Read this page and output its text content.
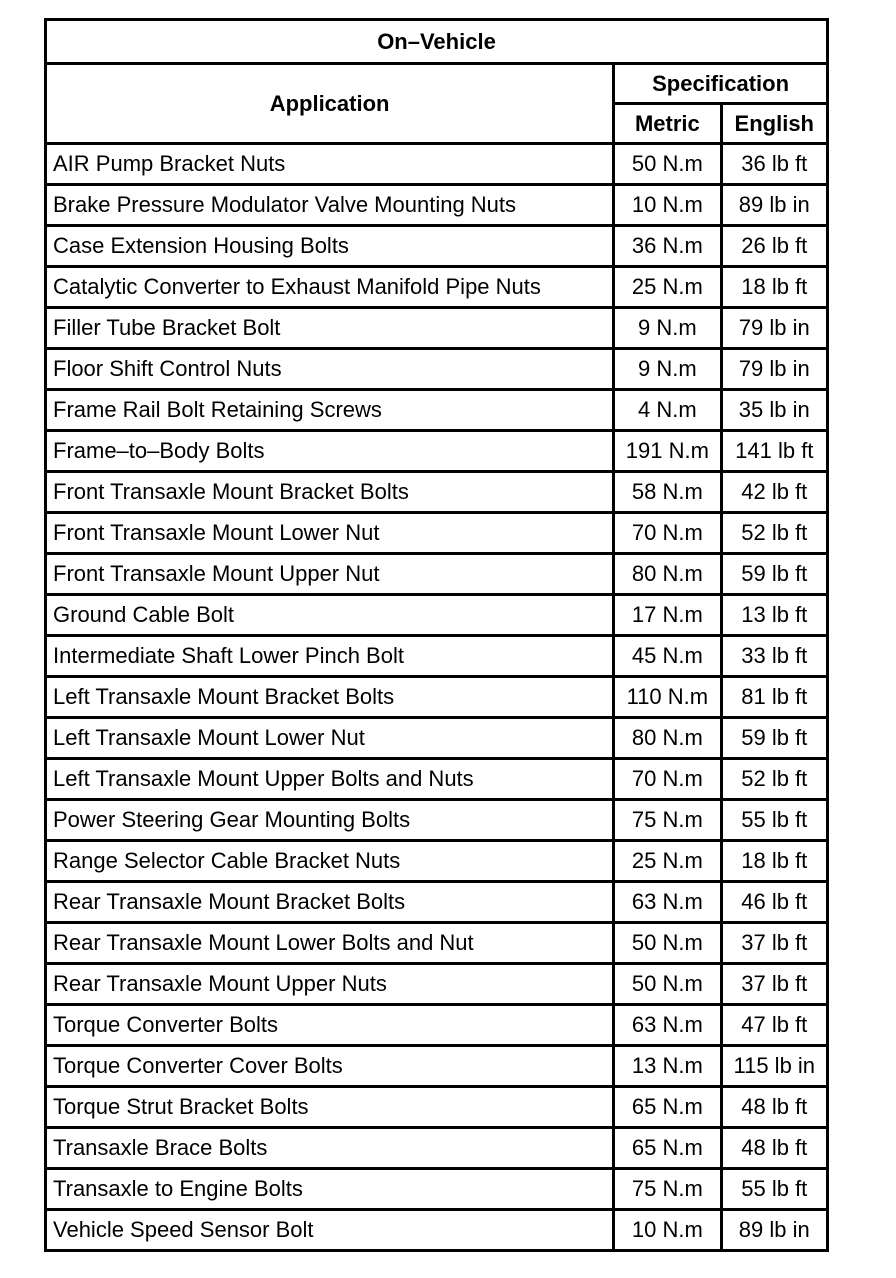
On–Vehicle		
Application	Specification	
	Metric	English
AIR Pump Bracket Nuts	50 N.m	36 lb ft
Brake Pressure Modulator Valve Mounting Nuts	10 N.m	89 lb in
Case Extension Housing Bolts	36 N.m	26 lb ft
Catalytic Converter to Exhaust Manifold Pipe Nuts	25 N.m	18 lb ft
Filler Tube Bracket Bolt	9 N.m	79 lb in
Floor Shift Control Nuts	9 N.m	79 lb in
Frame Rail Bolt Retaining Screws	4 N.m	35 lb in
Frame–to–Body Bolts	191 N.m	141 lb ft
Front Transaxle Mount Bracket Bolts	58 N.m	42 lb ft
Front Transaxle Mount Lower Nut	70 N.m	52 lb ft
Front Transaxle Mount Upper Nut	80 N.m	59 lb ft
Ground Cable Bolt	17 N.m	13 lb ft
Intermediate Shaft Lower Pinch Bolt	45 N.m	33 lb ft
Left Transaxle Mount Bracket Bolts	110 N.m	81 lb ft
Left Transaxle Mount Lower Nut	80 N.m	59 lb ft
Left Transaxle Mount Upper Bolts and Nuts	70 N.m	52 lb ft
Power Steering Gear Mounting Bolts	75 N.m	55 lb ft
Range Selector Cable Bracket Nuts	25 N.m	18 lb ft
Rear Transaxle Mount Bracket Bolts	63 N.m	46 lb ft
Rear Transaxle Mount Lower Bolts and Nut	50 N.m	37 lb ft
Rear Transaxle Mount Upper Nuts	50 N.m	37 lb ft
Torque Converter Bolts	63 N.m	47 lb ft
Torque Converter Cover Bolts	13 N.m	115 lb in
Torque Strut Bracket Bolts	65 N.m	48 lb ft
Transaxle Brace Bolts	65 N.m	48 lb ft
Transaxle to Engine Bolts	75 N.m	55 lb ft
Vehicle Speed Sensor Bolt	10 N.m	89 lb in
